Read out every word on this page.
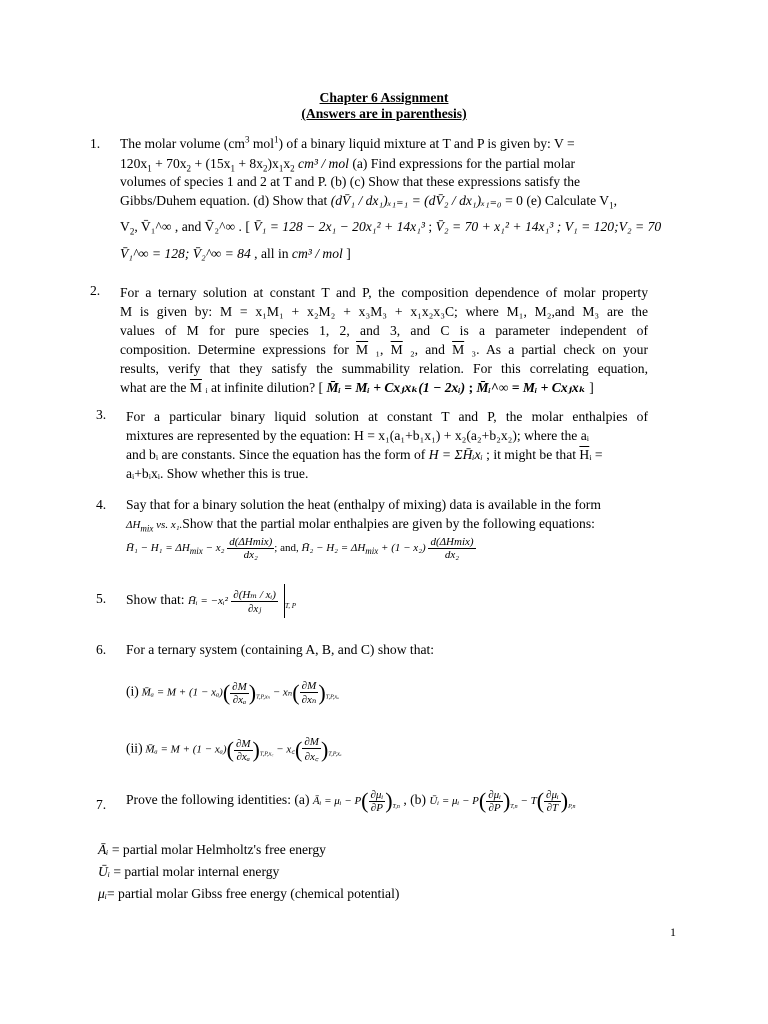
Chapter 6 Assignment
(Answers are in parenthesis)
1. The molar volume ($cm^3$ mol$^1$) of a binary liquid mixture at T and P is given by: V =
$120x_1 + 70x_2 + (15x_1 + 8x_2)x_1x_2$ cm³ / mol (a) Find expressions for the partial molar
volumes of species 1 and 2 at T and P. (b) (c) Show that these expressions satisfy the
Gibbs/Duhem equation. (d) Show that (dV̄₁ / dx₁)ₓ₁₌₁ = (dV̄₂ / dx₁)ₓ₁₌₀ = 0 (e) Calculate $V_1$,
$V_2$, V̄₁^∞ , and V̄₂^∞ . [ V̄₁ = 128 − 2x₁ − 20x₁² + 14x₁³ ; V̄₂ = 70 + x₁² + 14x₁³ ; V₁ = 120;V₂ = 70
V̄₁^∞ = 128; V̄₂^∞ = 84 , all in cm³ / mol ]
2. For a ternary solution at constant T and P, the composition dependence of molar property
M is given by: M = x₁M₁ + x₂M₂ + x₃M₃ + x₁x₂x₃C; where M₁, M₂,and M₃ are the
values of M for pure species 1, 2, and 3, and C is a parameter independent of
composition. Determine expressions for $\overline{M}$ ₁, $\overline{M}$ ₂, and $\overline{M}$ ₃. As a partial check on your
results, verify that they satisfy the summability relation. For this correlating equation,
what are the $\overline{M}$ ᵢ at infinite dilution? [ M̄ᵢ = Mᵢ + Cxⱼxₖ(1 − 2xᵢ) ; M̄ᵢ^∞ = Mᵢ + Cxⱼxₖ ]
3. For a particular binary liquid solution at constant T and P, the molar enthalpies of
mixtures are represented by the equation: H = x₁(a₁+b₁x₁) + x₂(a₂+b₂x₂); where the aᵢ
and bᵢ are constants. Since the equation has the form of H = ΣH̄ᵢxᵢ ; it might be that $\overline{H}ᵢ$ =
aᵢ+bᵢxᵢ. Show whether this is true.
4. Say that for a binary solution the heat (enthalpy of mixing) data is available in the form
$\Delta H_{mix}$ vs. x₁.Show that the partial molar enthalpies are given by the following equations:
H̄₁ − $H_1 = \Delta H_{mix} - x_2 \frac{\text{d(ΔHmix)}}{\text{dx₂}}$ ; and, H̄₂ − $H_2 = \Delta H_{mix} + (1 - x_2) \frac{\text{d(ΔHmix)}}{\text{dx₂}}$
5. Show that: H̄ᵢ = −xᵢ² $\frac{\text{∂(Hₘ / xᵢ)}}{\text{∂xⱼ}} _{T, P}$
6. For a ternary system (containing A, B, and C) show that:
(i) M̄ₐ = $M + (1 - x_a)( \frac{\partial M}{\text{∂xₐ}} )_{T,P,x_n} - x_n( \frac{\partial M}{\text{∂xₙ}} )_{T,P,x_a}$
(ii) M̄ₐ = $M + (1 - x_a)( \frac{\partial M}{\text{∂xₐ}} )_{T,P,x꜀}$ − x꜀( $\frac{\partial M}{\partial x꜀} )_{T,P,x_a}$
7. Prove the following identities: (a) Āᵢ = μᵢ − $P( \frac{\text{∂μᵢ}}{\partial P} )_{T,n}$ , (b) Ūᵢ = μᵢ − $P( \frac{\text{∂μᵢ}}{\partial P} )_{T,n} - T( \frac{\text{∂μᵢ}}{\partial T} )_{P,n}$
Āᵢ = partial molar Helmholtz's free energy
Ūᵢ = partial molar internal energy
μᵢ= partial molar Gibss free energy (chemical potential)
1
